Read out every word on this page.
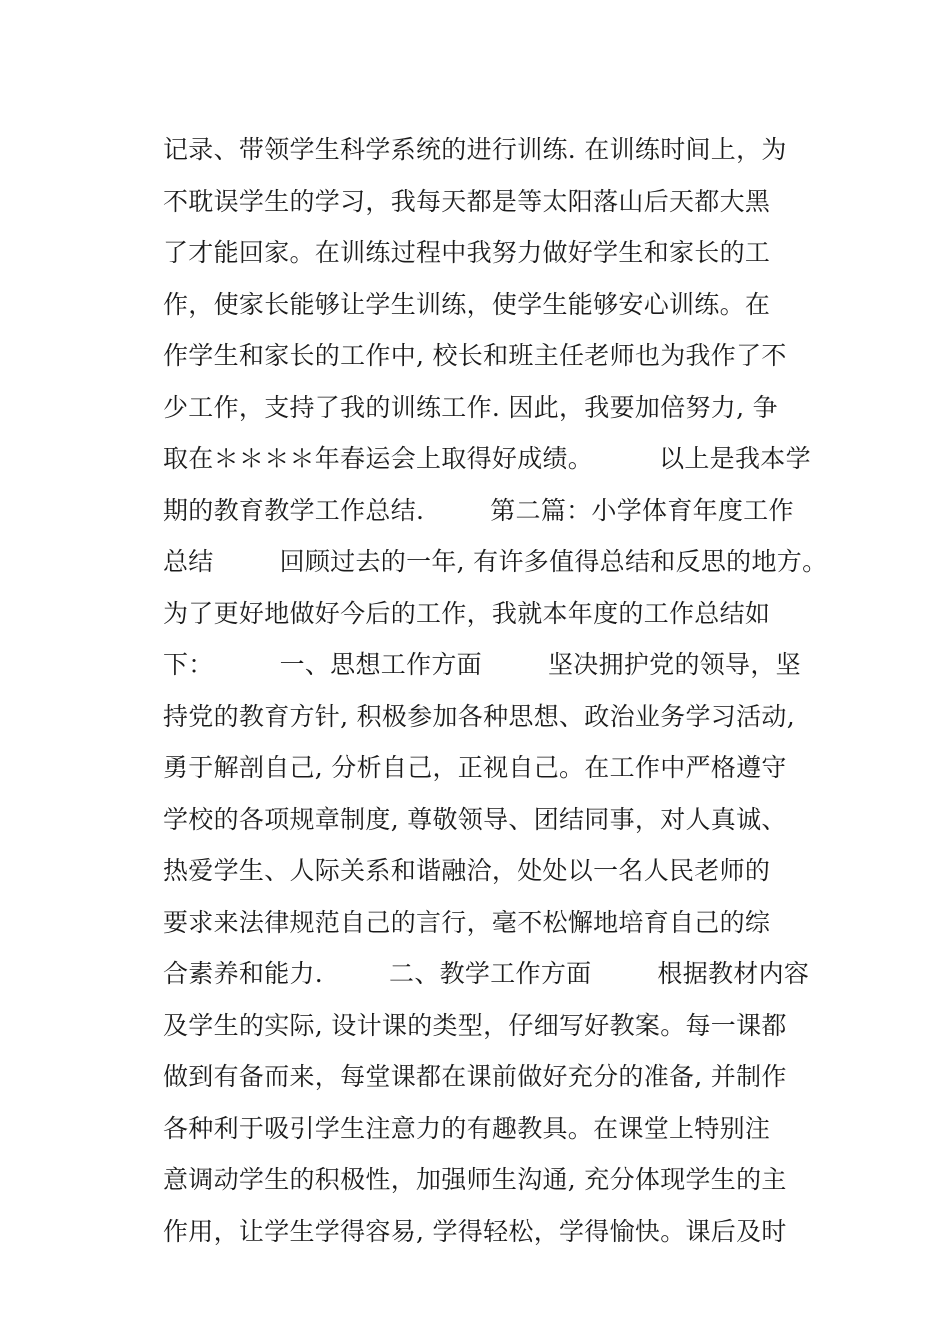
记录、带领学生科学系统的进行训练. 在训练时间上，为
不耽误学生的学习，我每天都是等太阳落山后天都大黑
了才能回家。在训练过程中我努力做好学生和家长的工
作，使家长能够让学生训练，使学生能够安心训练。在
作学生和家长的工作中, 校长和班主任老师也为我作了不
少工作，支持了我的训练工作. 因此，我要加倍努力, 争
取在＊＊＊＊年春运会上取得好成绩。        以上是我本学
期的教育教学工作总结.        第二篇：小学体育年度工作
总结        回顾过去的一年, 有许多值得总结和反思的地方。
为了更好地做好今后的工作，我就本年度的工作总结如
下：        一、思想工作方面        坚决拥护党的领导，坚
持党的教育方针, 积极参加各种思想、政治业务学习活动,
勇于解剖自己, 分析自己，正视自己。在工作中严格遵守
学校的各项规章制度, 尊敬领导、团结同事，对人真诚、
热爱学生、人际关系和谐融洽，处处以一名人民老师的
要求来法律规范自己的言行，毫不松懈地培育自己的综
合素养和能力.        二、教学工作方面        根据教材内容
及学生的实际, 设计课的类型，仔细写好教案。每一课都
做到有备而来，每堂课都在课前做好充分的准备, 并制作
各种利于吸引学生注意力的有趣教具。在课堂上特别注
意调动学生的积极性，加强师生沟通, 充分体现学生的主
作用，让学生学得容易, 学得轻松，学得愉快。课后及时
